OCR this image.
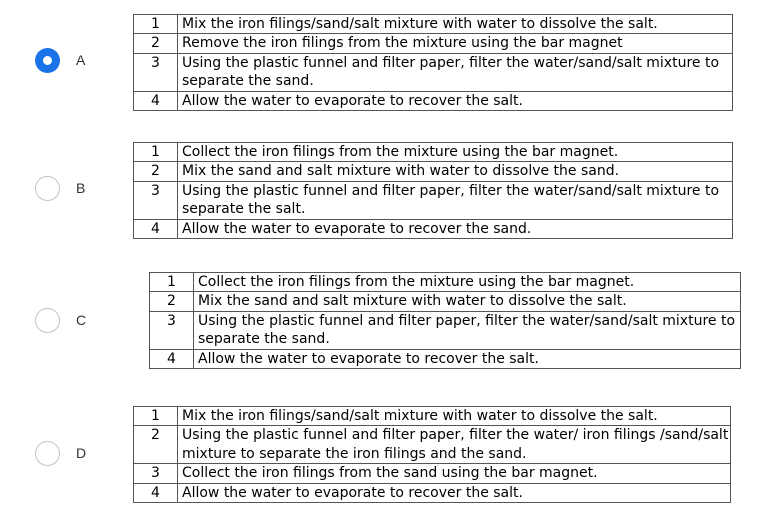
A
1	Mix the iron filings/sand/salt mixture with water to dissolve the salt.
2	Remove the iron filings from the mixture using the bar magnet
3	Using the plastic funnel and filter paper, filter the water/sand/salt mixture to separate the sand.
4	Allow the water to evaporate to recover the salt.
B
1	Collect the iron filings from the mixture using the bar magnet.
2	Mix the sand and salt mixture with water to dissolve the sand.
3	Using the plastic funnel and filter paper, filter the water/sand/salt mixture to separate the salt.
4	Allow the water to evaporate to recover the sand.
C
1	Collect the iron filings from the mixture using the bar magnet.
2	Mix the sand and salt mixture with water to dissolve the salt.
3	Using the plastic funnel and filter paper, filter the water/sand/salt mixture to separate the sand.
4	Allow the water to evaporate to recover the salt.
D
1	Mix the iron filings/sand/salt mixture with water to dissolve the salt.
2	Using the plastic funnel and filter paper, filter the water/ iron filings /sand/salt mixture to separate the iron filings and the sand.
3	Collect the iron filings from the sand using the bar magnet.
4	Allow the water to evaporate to recover the salt.
